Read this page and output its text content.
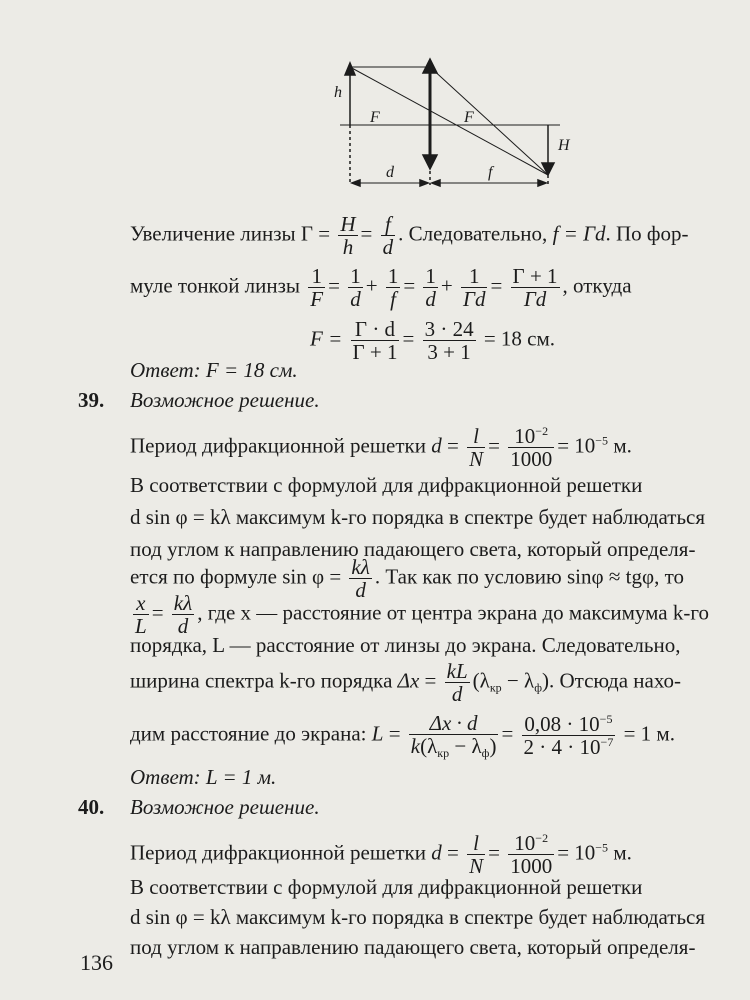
h
F	F
H
d	f
Увеличение линзы $Г = \frac{H}{h} = \frac{f}{d}$ . Следовательно, f = Гd. По фор-
муле тонкой линзы $\frac{1}{F} = \frac{1}{d} + \frac{1}{f} = \frac{1}{d} + \frac{1}{Гd} = \frac{Г + 1}{Гd}$ , откуда
$F = \frac{Г \cdot d}{Г + 1} = \frac{3 \cdot 24}{3 + 1} = 18$ см.
Ответ: F = 18 см.
39. Возможное решение.
Период дифракционной решетки $d = \frac{l}{N} = \frac{10^{-2}}{1000} = 10^{-5}$ м.
В соответствии с формулой для дифракционной решетки
d sin φ = kλ максимум k-го порядка в спектре будет наблюдаться
под углом к направлению падающего света, который определя-
ется по формуле $\sin \varphi = \frac{k\lambda}{d}$ . Так как по условию sinφ ≈ tgφ, то
$\frac{x}{L} = \frac{k\lambda}{d}$ , где x — расстояние от центра экрана до максимума k-го
порядка, L — расстояние от линзы до экрана. Следовательно,
ширина спектра k-го порядка $\Delta x = \frac{kL}{d} (\lambda_{кр} - \lambda_ф)$. Отсюда нахо-
дим расстояние до экрана: $L = \frac{\Delta x \cdot d}{k(\lambda_{кр} - \lambda_ф)} = \frac{0,08 \cdot 10^{-5}}{2 \cdot 4 \cdot 10^{-7}} = 1$ м.
Ответ: L = 1 м.
40. Возможное решение.
Период дифракционной решетки $d = \frac{l}{N} = \frac{10^{-2}}{1000} = 10^{-5}$ м.
В соответствии с формулой для дифракционной решетки
d sin φ = kλ максимум k-го порядка в спектре будет наблюдаться
под углом к направлению падающего света, который определя-
136
